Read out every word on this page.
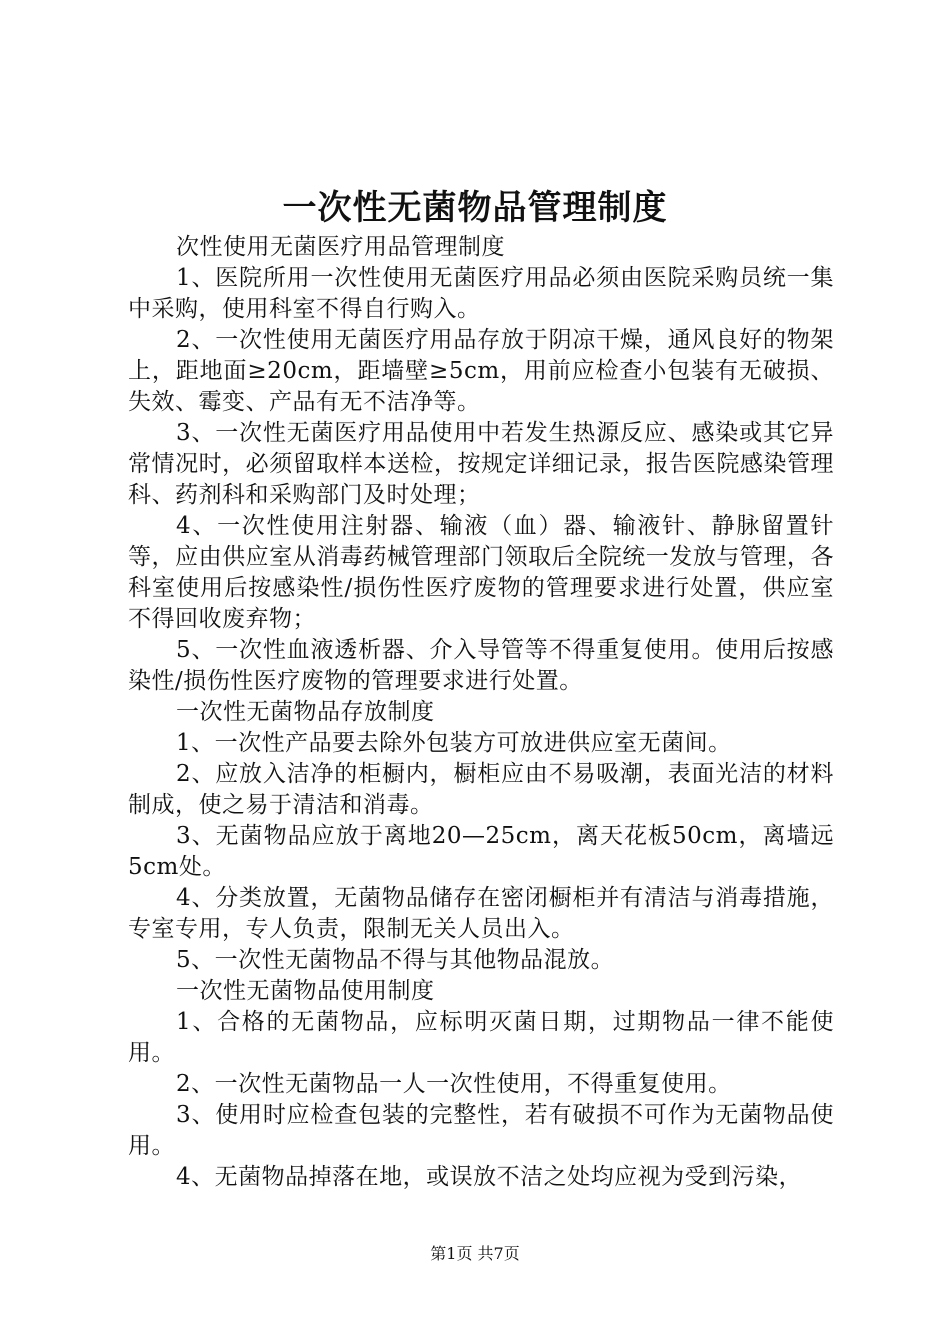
一次性无菌物品管理制度

次性使用无菌医疗用品管理制度

1、医院所用一次性使用无菌医疗用品必须由医院采购员统一集中采购，使用科室不得自行购入。

2、一次性使用无菌医疗用品存放于阴凉干燥，通风良好的物架上，距地面≥20cm，距墙壁≥5cm，用前应检查小包装有无破损、失效、霉变、产品有无不洁净等。

3、一次性无菌医疗用品使用中若发生热源反应、感染或其它异常情况时，必须留取样本送检，按规定详细记录，报告医院感染管理科、药剂科和采购部门及时处理；

4、一次性使用注射器、输液（血）器、输液针、静脉留置针等，应由供应室从消毒药械管理部门领取后全院统一发放与管理，各科室使用后按感染性/损伤性医疗废物的管理要求进行处置，供应室不得回收废弃物；

5、一次性血液透析器、介入导管等不得重复使用。使用后按感染性/损伤性医疗废物的管理要求进行处置。

一次性无菌物品存放制度

1、一次性产品要去除外包装方可放进供应室无菌间。

2、应放入洁净的柜橱内，橱柜应由不易吸潮，表面光洁的材料制成，使之易于清洁和消毒。

3、无菌物品应放于离地20—25cm，离天花板50cm，离墙远5cm处。

4、分类放置，无菌物品储存在密闭橱柜并有清洁与消毒措施，专室专用，专人负责，限制无关人员出入。

5、一次性无菌物品不得与其他物品混放。

一次性无菌物品使用制度

1、合格的无菌物品，应标明灭菌日期，过期物品一律不能使用。

2、一次性无菌物品一人一次性使用，不得重复使用。

3、使用时应检查包装的完整性，若有破损不可作为无菌物品使用。

4、无菌物品掉落在地，或误放不洁之处均应视为受到污染，

第1页 共7页
